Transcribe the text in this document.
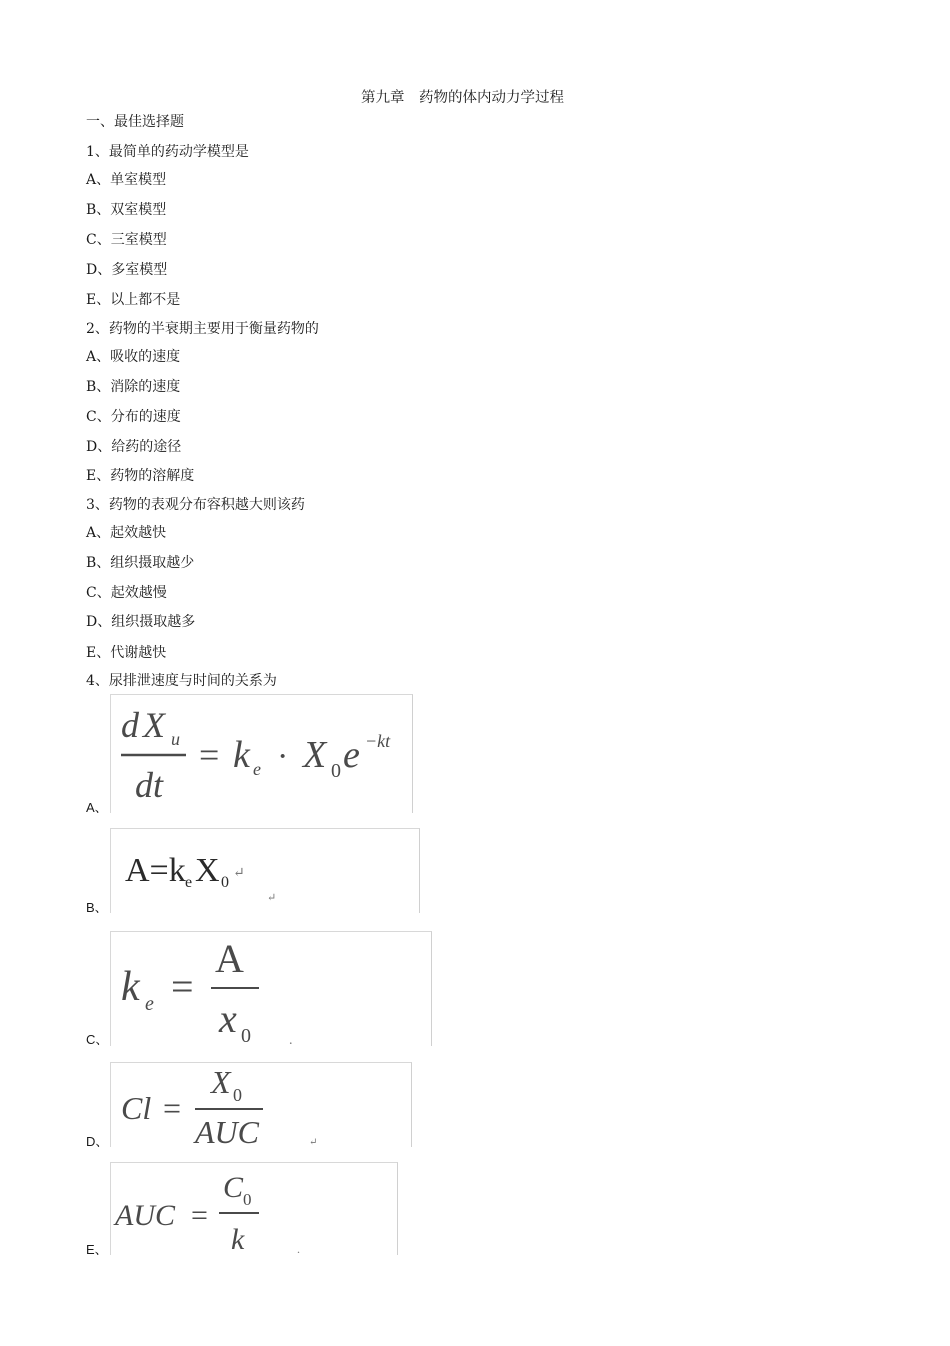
第九章　药物的体内动力学过程
一、最佳选择题
1、最简单的药动学模型是
A、单室模型
B、双室模型
C、三室模型
D、多室模型
E、以上都不是
2、药物的半衰期主要用于衡量药物的
A、吸收的速度
B、消除的速度
C、分布的速度
D、给药的途径
E、药物的溶解度
3、药物的表观分布容积越大则该药
A、起效越快
B、组织摄取越少
C、起效越慢
D、组织摄取越多
E、代谢越快
4、尿排泄速度与时间的关系为
A、
d X u
dt
= k e · X 0 e −kt
B、
A=k e X 0
↵
↵
C、
k e =
A
x 0	.
D、
Cl =
X 0
AUC	↵
E、
AUC =
C 0
k	.
